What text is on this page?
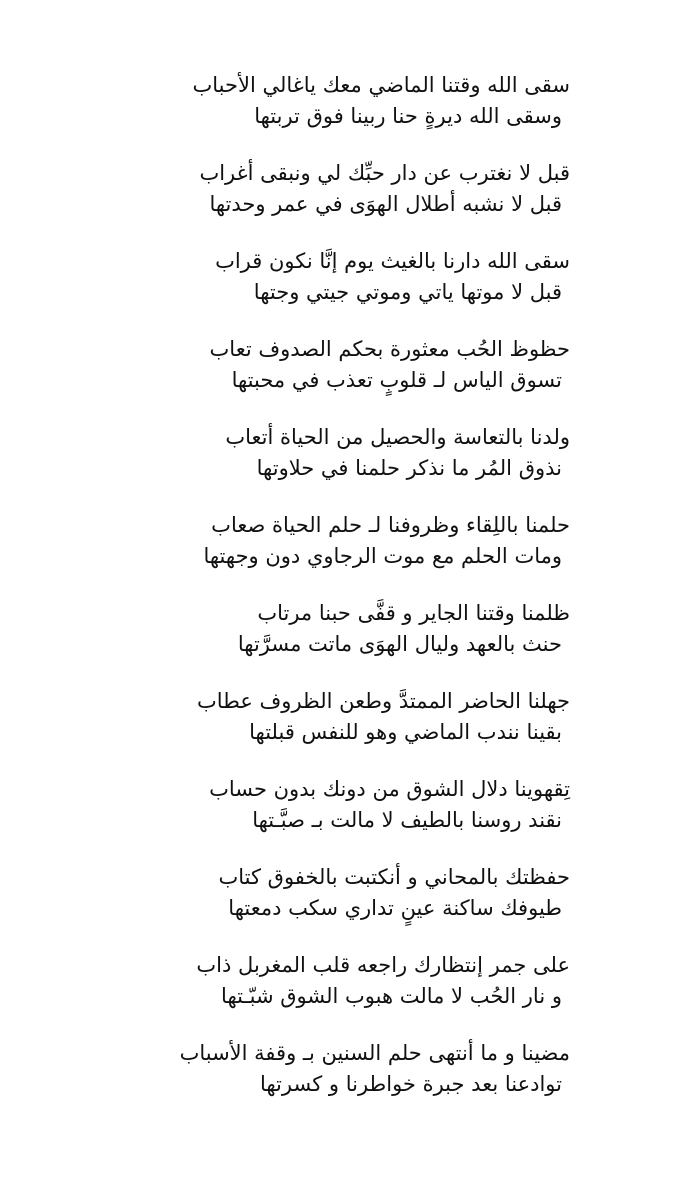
سقى الله وقتنا الماضي معك ياغالي الأحباب
وسقى الله ديرةٍ حنا ربينا فوق تربتها
قبل لا نغترب عن دار حبِّك لي ونبقى أغراب
قبل لا نشبه أطلال الهوَى في عمر وحدتها
سقى الله دارنا بالغيث يوم إنَّا نكون قراب
قبل لا موتها ياتي وموتي جيتي وجتها
حظوظ الحُب معثورة بحكم الصدوف تعاب
تسوق الياس لـ قلوبٍ تعذب في محبتها
ولدنا بالتعاسة والحصيل من الحياة أتعاب
نذوق المُر ما نذكر حلمنا في حلاوتها
حلمنا باللِقاء وظروفنا لـ حلم الحياة صعاب
ومات الحلم مع موت الرجاوي دون وجهتها
ظلمنا وقتنا الجاير و قفَّى حبنا مرتاب
حنث بالعهد وليال الهوَى ماتت مسرَّتها
جهلنا الحاضر الممتدَّ وطعن الظروف عطاب
بقينا نندب الماضي وهو للنفس قبلتها
تِقهوينا دلال الشوق من دونك بدون حساب
نقند روسنا بالطيف لا مالت بـ صبَّـتها
حفظتك بالمحاني و أنكتبت بالخفوق كتاب
طيوفك ساكنة عينٍ تداري سكب دمعتها
على جمر إنتظارك راجعه قلب المغربل ذاب
و نار الحُب لا مالت هبوب الشوق شبّـتها
مضينا و ما أنتهى حلم السنين بـ وقفة الأسباب
توادعنا بعد جبرة خواطرنا و كسرتها
